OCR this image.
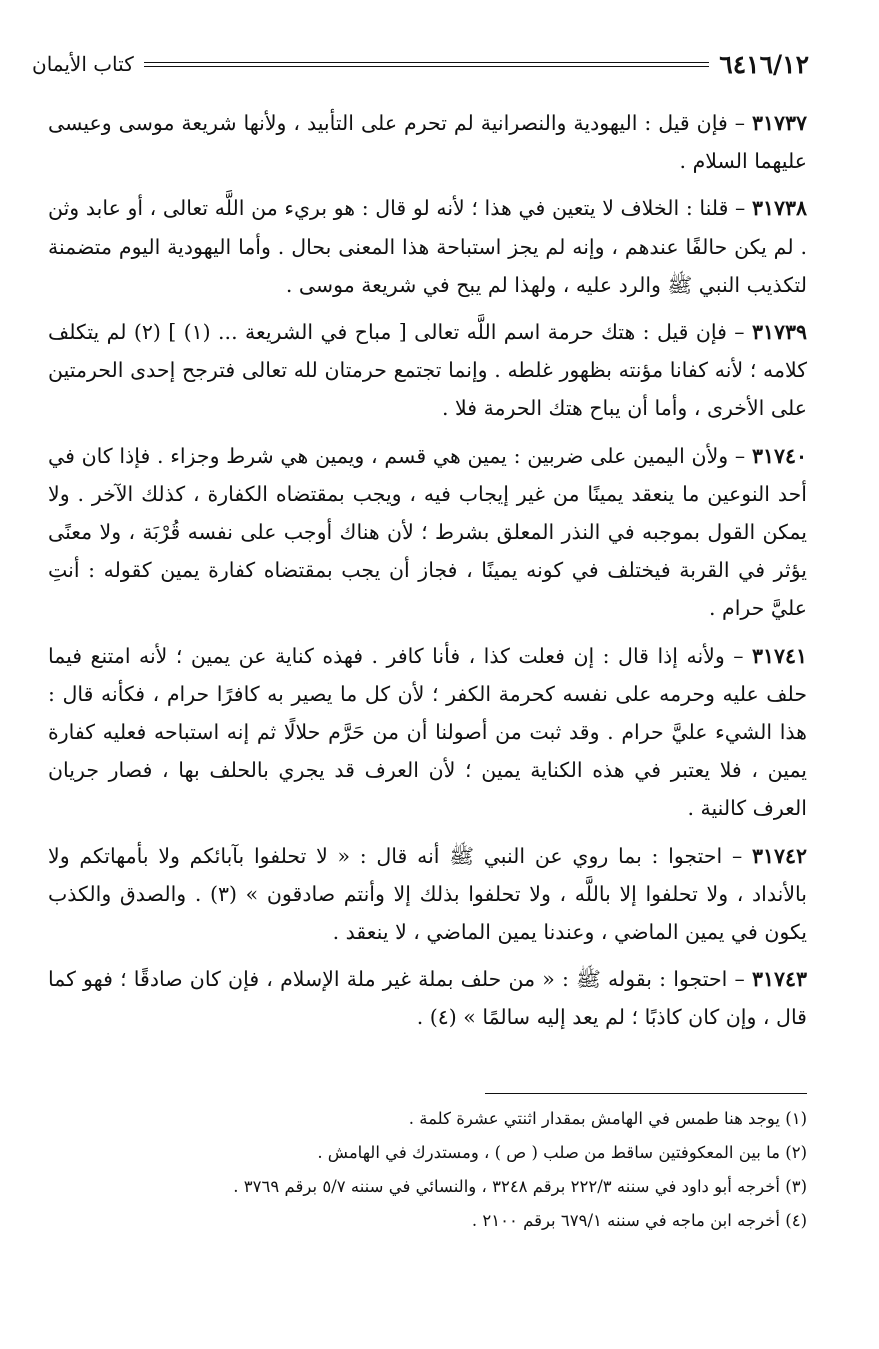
٦٤١٦/١٢
كتاب الأيمان

٣١٧٣٧ – فإن قيل : اليهودية والنصرانية لم تحرم على التأبيد ، ولأنها شريعة موسى وعيسى عليهما السلام .

٣١٧٣٨ – قلنا : الخلاف لا يتعين في هذا ؛ لأنه لو قال : هو بريء من اللَّه تعالى ، أو عابد وثن . لم يكن حالفًا عندهم ، وإنه لم يجز استباحة هذا المعنى بحال . وأما اليهودية اليوم متضمنة لتكذيب النبي ﷺ والرد عليه ، ولهذا لم يبح في شريعة موسى .

٣١٧٣٩ – فإن قيل : هتك حرمة اسم اللَّه تعالى [ مباح في الشريعة ... (١) ] (٢) لم يتكلف كلامه ؛ لأنه كفانا مؤنته بظهور غلطه . وإنما تجتمع حرمتان لله تعالى فترجح إحدى الحرمتين على الأخرى ، وأما أن يباح هتك الحرمة فلا .

٣١٧٤٠ – ولأن اليمين على ضربين : يمين هي قسم ، ويمين هي شرط وجزاء . فإذا كان في أحد النوعين ما ينعقد يمينًا من غير إيجاب فيه ، ويجب بمقتضاه الكفارة ، كذلك الآخر . ولا يمكن القول بموجبه في النذر المعلق بشرط ؛ لأن هناك أوجب على نفسه قُرْبَة ، ولا معنًى يؤثر في القربة فيختلف في كونه يمينًا ، فجاز أن يجب بمقتضاه كفارة يمين كقوله : أنتِ عليَّ حرام .

٣١٧٤١ – ولأنه إذا قال : إن فعلت كذا ، فأنا كافر . فهذه كناية عن يمين ؛ لأنه امتنع فيما حلف عليه وحرمه على نفسه كحرمة الكفر ؛ لأن كل ما يصير به كافرًا حرام ، فكأنه قال : هذا الشيء عليَّ حرام . وقد ثبت من أصولنا أن من حَرَّم حلالًا ثم إنه استباحه فعليه كفارة يمين ، فلا يعتبر في هذه الكناية يمين ؛ لأن العرف قد يجري بالحلف بها ، فصار جريان العرف كالنية .

٣١٧٤٢ – احتجوا : بما روي عن النبي ﷺ أنه قال : « لا تحلفوا بآبائكم ولا بأمهاتكم ولا بالأنداد ، ولا تحلفوا إلا باللَّه ، ولا تحلفوا بذلك إلا وأنتم صادقون » (٣) . والصدق والكذب يكون في يمين الماضي ، وعندنا يمين الماضي ، لا ينعقد .

٣١٧٤٣ – احتجوا : بقوله ﷺ : « من حلف بملة غير ملة الإسلام ، فإن كان صادقًا ؛ فهو كما قال ، وإن كان كاذبًا ؛ لم يعد إليه سالمًا » (٤) .

(١) يوجد هنا طمس في الهامش بمقدار اثنتي عشرة كلمة .

(٢) ما بين المعكوفتين ساقط من صلب ( ص ) ، ومستدرك في الهامش .

(٣) أخرجه أبو داود في سننه ٢٢٢/٣ برقم ٣٢٤٨ ، والنسائي في سننه ٥/٧ برقم ٣٧٦٩ .

(٤) أخرجه ابن ماجه في سننه ٦٧٩/١ برقم ٢١٠٠ .
